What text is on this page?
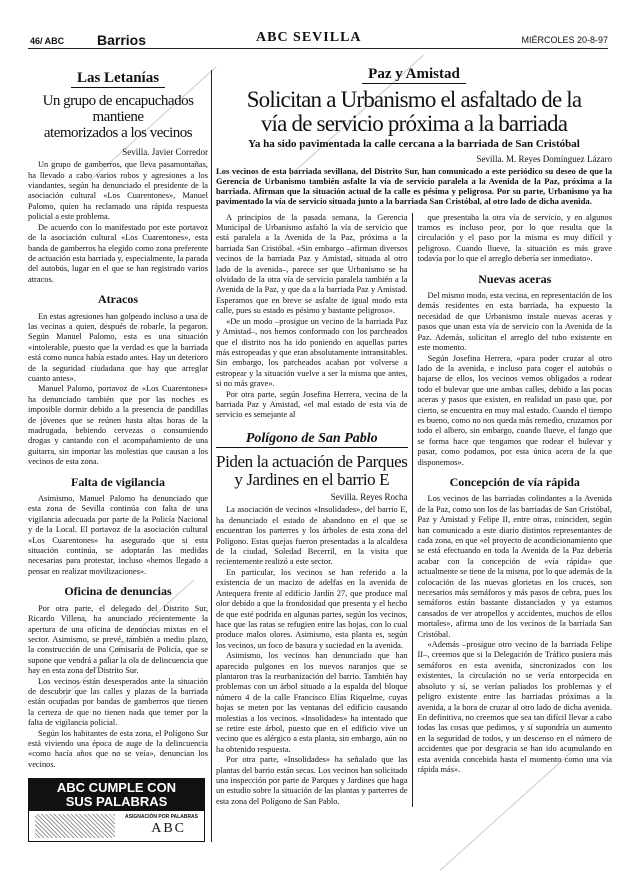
46/ ABC Barrios	ABC SEVILLA	MIÉRCOLES 20-8-97
Las Letanías
Un grupo de encapuchados mantiene
atemorizados a los vecinos
Sevilla. Javier Corredor

Un grupo de gamberros, que lleva pasamontañas, ha llevado a cabo varios robos y agresiones a los viandantes, según ha denunciado el presidente de la asociación cultural «Los Cuarentones», Manuel Palomo, quien ha reclamado una rápida respuesta policial a este problema.

De acuerdo con lo manifestado por este portavoz de la asociación cultural «Los Cuarentones», esta banda de gamberros ha elegido como zona preferente de actuación esta barriada y, especialmente, la parada del autobús, lugar en el que se han registrado varios atracos.

Atracos

En estas agresiones han golpeado incluso a una de las vecinas a quien, después de robarle, la pegaron. Según Manuel Palomo, esta es una situación «intolerable, puesto que la verdad es que la barriada está como nunca había estado antes. Hay un deterioro de la seguridad ciudadana que hay que arreglar cuanto antes».

Manuel Palomo, portavoz de «Los Cuarentones» ha denunciado también que por las noches es imposible dormir debido a la presencia de pandillas de jóvenes que se reúnen hasta altas horas de la madrugada, bebiendo cervezas o consumiendo drogas y cantando con el acompañamiento de una guitarra, sin importar las molestias que causan a los vecinos de esta zona.

Falta de vigilancia

Asimismo, Manuel Palomo ha denunciado que esta zona de Sevilla continúa con falta de una vigilancia adecuada por parte de la Policía Nacional y de la Local. El portavoz de la asociación cultural «Los Cuarentones» ha asegurado que si esta situación continúa, se adoptarán las medidas necesarias para protestar, incluso «hemos llegado a pensar en realizar movilizaciones».

Oficina de denuncias

Por otra parte, el delegado del Distrito Sur, Ricardo Villena, ha anunciado recientemente la apertura de una oficina de denuncias mixtas en el sector. Asimismo, se prevé, también a medio plazo, la construcción de una Comisaría de Policía, que se supone que vendrá a paliar la ola de delincuencia que hay en esta zona del Distrito Sur.

Los vecinos están desesperados ante la situación de descubrir que las calles y plazas de la barriada están ocupadas por bandas de gamberros que tienen la certeza de que no tienen nada que temer por la falta de vigilancia policial.

Según los habitantes de esta zona, el Polígono Sur está viviendo una época de auge de la delincuencia «como hacía años que no se veía», denuncian los vecinos.

ABC CUMPLE CON
SUS PALABRAS
ASIGNACIÓN POR PALABRAS
ABC
Paz y Amistad
Solicitan a Urbanismo el asfaltado de la
vía de servicio próxima a la barriada
Ya ha sido pavimentada la calle cercana a la barriada de San Cristóbal
Sevilla. M. Reyes Domínguez Lázaro
Los vecinos de esta barriada sevillana, del Distrito Sur, han comunicado a este periódico su deseo de que la Gerencia de Urbanismo también asfalte la vía de servicio paralela a la Avenida de la Paz, próxima a la barriada. Afirman que la situación actual de la calle es pésima y peligrosa. Por su parte, Urbanismo ya ha pavimentado la vía de servicio situada junto a la barriada San Cristóbal, al otro lado de dicha avenida.

A principios de la pasada semana, la Gerencia Municipal de Urbanismo asfaltó la vía de servicio que está paralela a la Avenida de la Paz, próxima a la barriada San Cristóbal. «Sin embargo –afirman diversos vecinos de la barriada Paz y Amistad, situada al otro lado de la avenida–, parece ser que Urbanismo se ha olvidado de la otra vía de servicio paralela también a la Avenida de la Paz, y que da a la barriada Paz y Amistad. Esperamos que en breve se asfalte de igual modo esta calle, pues su estado es pésimo y bastante peligroso».

«De un modo –prosigue un vecino de la barriada Paz y Amistad–, nos hemos conformado con los parcheados que el distrito nos ha ido poniendo en aquellas partes más estropeadas y que eran absolutamente intransitables. Sin embargo, los parcheados acaban por volverse a estropear y la situación vuelve a ser la misma que antes, si no más grave».

Por otra parte, según Josefina Herrera, vecina de la barriada Paz y Amistad, «el mal estado de esta vía de servicio es semejante al

Polígono de San Pablo
Piden la actuación de Parques
y Jardines en el barrio E
Sevilla. Reyes Rocha

La asociación de vecinos «Insolidades», del barrio E, ha denunciado el estado de abandono en el que se encuentran los parterres y los árboles de esta zona del Polígono. Estas quejas fueron presentadas a la alcaldesa de la ciudad, Soledad Becerril, en la visita que recientemente realizó a este sector.

En particular, los vecinos se han referido a la existencia de un macizo de adelfas en la avenida de Antequera frente al edificio Jardín 27, que produce mal olor debido a que la frondosidad que presenta y el hecho de que esté podrida en algunas partes, según los vecinos, hace que las ratas se refugien entre las hojas, con lo cual produce malos olores. Asimismo, esta planta es, según los vecinos, un foco de basura y suciedad en la avenida.

Asimismo, los vecinos han denunciado que han aparecido pulgones en los nuevos naranjos que se plantaron tras la reurbanización del barrio. También hay problemas con un árbol situado a la espalda del bloque número 4 de la calle Francisco Elías Riquelme, cuyas hojas se meten por las ventanas del edificio causando molestias a los vecinos. «Insolidades» ha intentado que se retire este árbol, puesto que en el edificio vive un vecino que es alérgico a esta planta, sin embargo, aún no ha obtenido respuesta.

Por otra parte, «Insolidades» ha señalado que las plantas del barrio están secas. Los vecinos han solicitado una inspección por parte de Parques y Jardines que haga un estudio sobre la situación de las plantas y parterres de esta zona del Polígono de San Pablo.

que presentaba la otra vía de servicio, y en algunos tramos es incluso peor, por lo que resulta que la circulación y el paso por la misma es muy difícil y peligroso. Cuando llueve, la situación es más grave todavía por lo que el arreglo debería ser inmediato».

Nuevas aceras

Del mismo modo, esta vecina, en representación de los demás residentes en esta barriada, ha expuesto la necesidad de que Urbanismo instale nuevas aceras y pasos que unan esta vía de servicio con la Avenida de la Paz. Además, solicitan el arreglo del tubo existente en este momento.

Según Josefina Herrera, «para poder cruzar al otro lado de la avenida, e incluso para coger el autobús o bajarse de ellos, los vecinos vemos obligados a rodear todo el bulevar que une ambas calles, debido a las pocas aceras y pasos que existen, en realidad un paso que, por cierto, se encuentra en muy mal estado. Cuando el tiempo es bueno, como no nos queda más remedio, cruzamos por todo el albero, sin embargo, cuando llueve, el fango que se forma hace que tengamos que rodear el bulevar y pasar, como podamos, por esta única acera de la que disponemos».

Concepción de vía rápida

Los vecinos de las barriadas colindantes a la Avenida de la Paz, como son los de las barriadas de San Cristóbal, Paz y Amistad y Felipe II, entre otras, coinciden, según han comunicado a este diario distintos representantes de cada zona, en que «el proyecto de acondicionamiento que se está efectuando en toda la Avenida de la Paz debería acabar con la concepción de «vía rápida» que actualmente se tiene de la misma, por lo que además de la colocación de las nuevas glorietas en los cruces, son necesarios más semáforos y más pasos de cebra, pues los semáforos están bastante distanciados y ya estamos cansados de ver atropellos y accidentes, muchos de ellos mortales», afirma uno de los vecinos de la barriada San Cristóbal.

«Además –prosigue otro vecino de la barriada Felipe II–, creemos que si la Delegación de Tráfico pusiera más semáforos en esta avenida, sincronizados con los existentes, la circulación no se vería entorpecida en absoluto y sí, se verían paliados los problemas y el peligro existente entre las barriadas próximas a la avenida, a la hora de cruzar al otro lado de dicha avenida. En definitiva, no creemos que sea tan difícil llevar a cabo todas las cosas que pedimos, y sí supondría un aumento en la seguridad de todos, y un descenso en el número de accidentes que por desgracia se han ido acumulando en esta avenida concebida hasta el momento como una vía rápida más».
